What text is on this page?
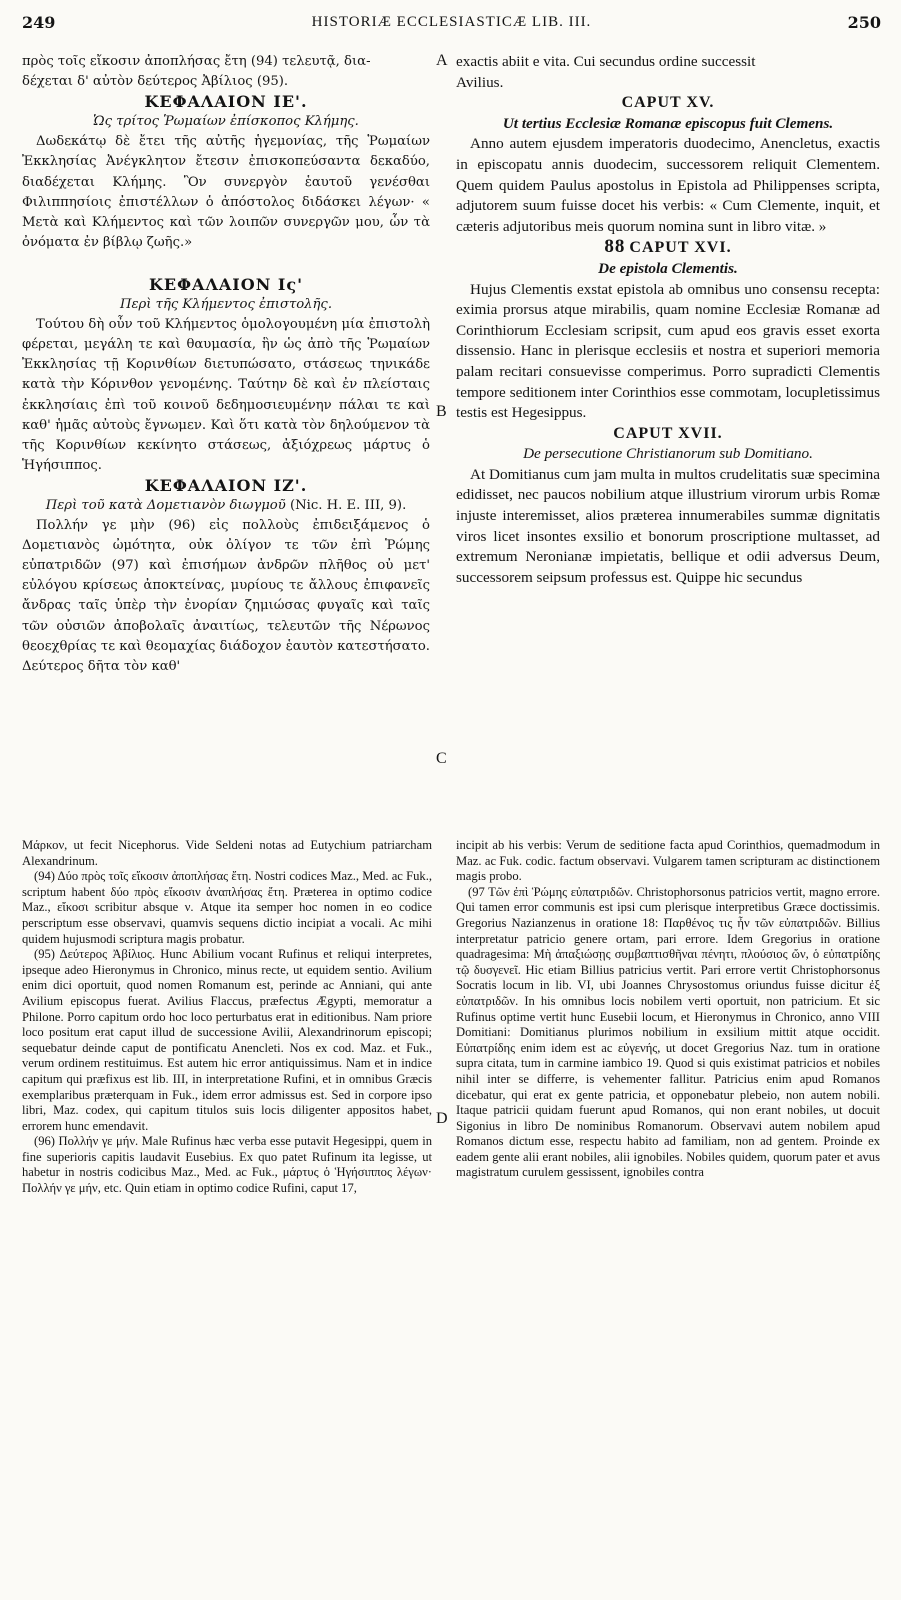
249	HISTORIÆ ECCLESIASTICÆ LIB. III.	250
A
B
C
D
πρὸς τοῖς εἴκοσιν ἀποπλήσας ἔτη (94) τελευτᾷ, δια-
δέχεται δ' αὐτὸν δεύτερος Ἀβίλιος (95).
ΚΕΦΑΛΑΙΟΝ ΙΕ'.
Ὡς τρίτος Ῥωμαίων ἐπίσκοπος Κλήμης.

Δωδεκάτῳ δὲ ἔτει τῆς αὐτῆς ἡγεμονίας, τῆς Ῥωμαίων Ἐκκλησίας Ἀνέγκλητον ἔτεσιν ἐπισκοπεύσαντα δεκαδύο, διαδέχεται Κλήμης. Ὃν συνεργὸν ἑαυτοῦ γενέσθαι Φιλιππησίοις ἐπιστέλλων ὁ ἀπόστολος διδάσκει λέγων· « Μετὰ καὶ Κλήμεντος καὶ τῶν λοιπῶν συνεργῶν μου, ὧν τὰ ὀνόματα ἐν βίβλῳ ζωῆς.»

ΚΕΦΑΛΑΙΟΝ Ις'
Περὶ τῆς Κλήμεντος ἐπιστολῆς.

Τούτου δὴ οὖν τοῦ Κλήμεντος ὁμολογουμένη μία ἐπιστολὴ φέρεται, μεγάλη τε καὶ θαυμασία, ἣν ὡς ἀπὸ τῆς Ῥωμαίων Ἐκκλησίας τῇ Κορινθίων διετυπώσατο, στάσεως τηνικάδε κατὰ τὴν Κόρινθον γενομένης. Ταύτην δὲ καὶ ἐν πλείσταις ἐκκλησίαις ἐπὶ τοῦ κοινοῦ δεδημοσιευμένην πάλαι τε καὶ καθ' ἡμᾶς αὐτοὺς ἔγνωμεν. Καὶ ὅτι κατὰ τὸν δηλούμενον τὰ τῆς Κορινθίων κεκίνητο στάσεως, ἀξιόχρεως μάρτυς ὁ Ἡγήσιππος.

ΚΕΦΑΛΑΙΟΝ ΙΖ'.
Περὶ τοῦ κατὰ Δομετιανὸν διωγμοῦ (Nic. H. E. III, 9).

Πολλήν γε μὴν (96) εἰς πολλοὺς ἐπιδειξάμενος ὁ Δομετιανὸς ὠμότητα, οὐκ ὀλίγον τε τῶν ἐπὶ Ῥώμης εὐπατριδῶν (97) καὶ ἐπισήμων ἀνδρῶν πλῆθος οὐ μετ' εὐλόγου κρίσεως ἀποκτείνας, μυρίους τε ἄλλους ἐπιφανεῖς ἄνδρας ταῖς ὑπὲρ τὴν ἐνορίαν ζημιώσας φυγαῖς καὶ ταῖς τῶν οὐσιῶν ἀποβολαῖς ἀναιτίως, τελευτῶν τῆς Νέρωνος θεοεχθρίας τε καὶ θεομαχίας διάδοχον ἑαυτὸν κατεστήσατο. Δεύτερος δῆτα τὸν καθ'

exactis abiit e vita. Cui secundus ordine successit
Avilius.
CAPUT XV.
Ut tertius Ecclesiæ Romanæ episcopus fuit Clemens.

Anno autem ejusdem imperatoris duodecimo, Anencletus, exactis in episcopatu annis duodecim, successorem reliquit Clementem. Quem quidem Paulus apostolus in Epistola ad Philippenses scripta, adjutorem suum fuisse docet his verbis: « Cum Clemente, inquit, et cæteris adjutoribus meis quorum nomina sunt in libro vitæ. »

88 CAPUT XVI.
De epistola Clementis.

Hujus Clementis exstat epistola ab omnibus uno consensu recepta: eximia prorsus atque mirabilis, quam nomine Ecclesiæ Romanæ ad Corinthiorum Ecclesiam scripsit, cum apud eos gravis esset exorta dissensio. Hanc in plerisque ecclesiis et nostra et superiori memoria palam recitari consuevisse comperimus. Porro supradicti Clementis tempore seditionem inter Corinthios esse commotam, locupletissimus testis est Hegesippus.

CAPUT XVII.
De persecutione Christianorum sub Domitiano.

At Domitianus cum jam multa in multos crudelitatis suæ specimina edidisset, nec paucos nobilium atque illustrium virorum urbis Romæ injuste interemisset, alios præterea innumerabiles summæ dignitatis viros licet insontes exsilio et bonorum proscriptione multasset, ad extremum Neronianæ impietatis, bellique et odii adversus Deum, successorem seipsum professus est. Quippe hic secundus

Μάρκον, ut fecit Nicephorus. Vide Seldeni notas ad Eutychium patriarcham Alexandrinum.

(94) Δύο πρὸς τοῖς εἴκοσιν ἀποπλήσας ἔτη. Nostri codices Maz., Med. ac Fuk., scriptum habent δύο πρὸς εἴκοσιν ἀναπλήσας ἔτη. Præterea in optimo codice Maz., εἴκοσι scribitur absque ν. Atque ita semper hoc nomen in eo codice perscriptum esse observavi, quamvis sequens dictio incipiat a vocali. Ac mihi quidem hujusmodi scriptura magis probatur.

(95) Δεύτερος Ἀβίλιος. Hunc Abilium vocant Rufinus et reliqui interpretes, ipseque adeo Hieronymus in Chronico, minus recte, ut equidem sentio. Avilium enim dici oportuit, quod nomen Romanum est, perinde ac Anniani, qui ante Avilium episcopus fuerat. Avilius Flaccus, præfectus Ægypti, memoratur a Philone. Porro capitum ordo hoc loco perturbatus erat in editionibus. Nam priore loco positum erat caput illud de successione Avilii, Alexandrinorum episcopi; sequebatur deinde caput de pontificatu Anencleti. Nos ex cod. Maz. et Fuk., verum ordinem restituimus. Est autem hic error antiquissimus. Nam et in indice capitum qui præfixus est lib. III, in interpretatione Rufini, et in omnibus Græcis exemplaribus præterquam in Fuk., idem error admissus est. Sed in corpore ipso libri, Maz. codex, qui capitum titulos suis locis diligenter appositos habet, errorem hunc emendavit.

(96) Πολλήν γε μήν. Male Rufinus hæc verba esse putavit Hegesippi, quem in fine superioris capitis laudavit Eusebius. Ex quo patet Rufinum ita legisse, ut habetur in nostris codicibus Maz., Med. ac Fuk., μάρτυς ὁ Ἡγήσιππος λέγων· Πολλήν γε μήν, etc. Quin etiam in optimo codice Rufini, caput 17,

incipit ab his verbis: Verum de seditione facta apud Corinthios, quemadmodum in Maz. ac Fuk. codic. factum observavi. Vulgarem tamen scripturam ac distinctionem magis probo.

(97 Τῶν ἐπὶ Ῥώμης εὐπατριδῶν. Christophorsonus patricios vertit, magno errore. Qui tamen error communis est ipsi cum plerisque interpretibus Græce doctissimis. Gregorius Nazianzenus in oratione 18: Παρθένος τις ἦν τῶν εὐπατριδῶν. Billius interpretatur patricio genere ortam, pari errore. Idem Gregorius in oratione quadragesima: Μὴ ἀπαξιώσῃς συμβαπτισθῆναι πένητι, πλούσιος ὤν, ὁ εὐπατρίδης τῷ δυσγενεῖ. Hic etiam Billius patricius vertit. Pari errore vertit Christophorsonus Socratis locum in lib. VI, ubi Joannes Chrysostomus oriundus fuisse dicitur ἐξ εὐπατριδῶν. In his omnibus locis nobilem verti oportuit, non patricium. Et sic Rufinus optime vertit hunc Eusebii locum, et Hieronymus in Chronico, anno VIII Domitiani: Domitianus plurimos nobilium in exsilium mittit atque occidit. Εὐπατρίδης enim idem est ac εὐγενής, ut docet Gregorius Naz. tum in oratione supra citata, tum in carmine iambico 19. Quod si quis existimat patricios et nobiles nihil inter se differre, is vehementer fallitur. Patricius enim apud Romanos dicebatur, qui erat ex gente patricia, et opponebatur plebeio, non autem nobili. Itaque patricii quidam fuerunt apud Romanos, qui non erant nobiles, ut docuit Sigonius in libro De nominibus Romanorum. Observavi autem nobilem apud Romanos dictum esse, respectu habito ad familiam, non ad gentem. Proinde ex eadem gente alii erant nobiles, alii ignobiles. Nobiles quidem, quorum pater et avus magistratum curulem gessissent, ignobiles contra
